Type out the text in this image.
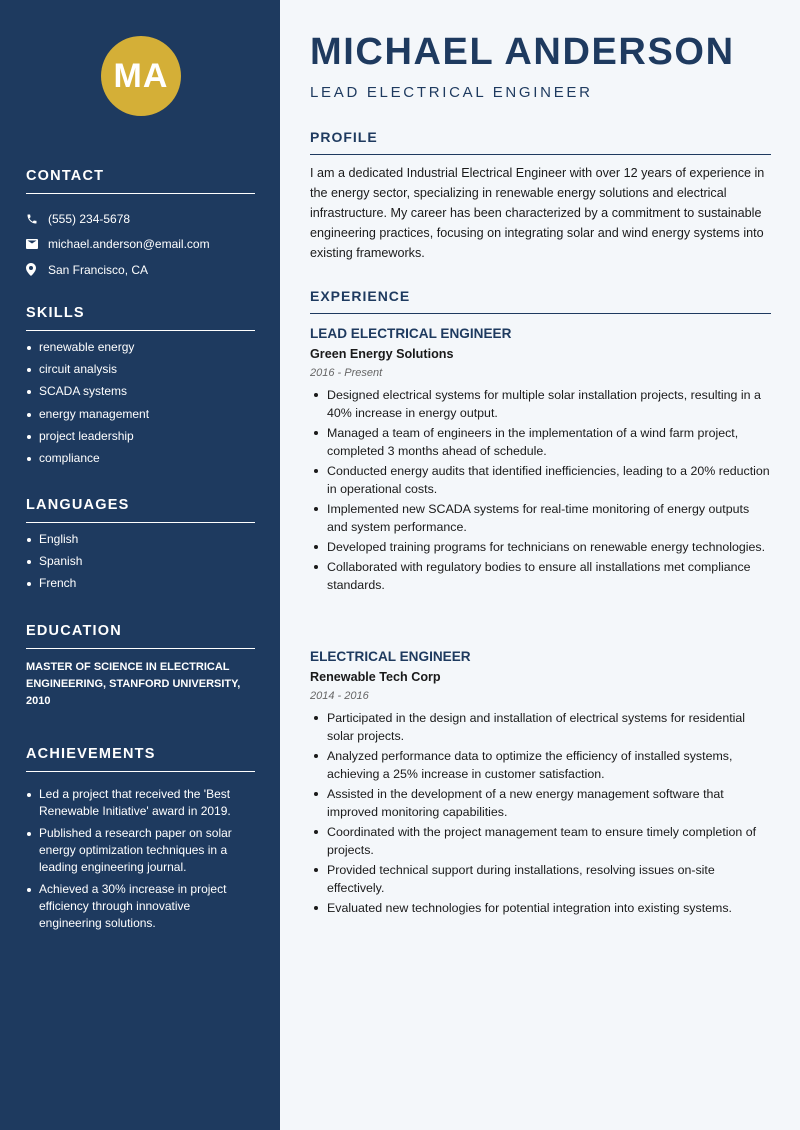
MA
CONTACT
(555) 234-5678
michael.anderson@email.com
San Francisco, CA
SKILLS
renewable energy
circuit analysis
SCADA systems
energy management
project leadership
compliance
LANGUAGES
English
Spanish
French
EDUCATION

MASTER OF SCIENCE IN ELECTRICAL ENGINEERING, STANFORD UNIVERSITY, 2010

ACHIEVEMENTS
Led a project that received the 'Best Renewable Initiative' award in 2019.
Published a research paper on solar energy optimization techniques in a leading engineering journal.
Achieved a 30% increase in project efficiency through innovative engineering solutions.
MICHAEL ANDERSON
LEAD ELECTRICAL ENGINEER
PROFILE

I am a dedicated Industrial Electrical Engineer with over 12 years of experience in the energy sector, specializing in renewable energy solutions and electrical infrastructure. My career has been characterized by a commitment to sustainable engineering practices, focusing on integrating solar and wind energy systems into existing frameworks.

EXPERIENCE
LEAD ELECTRICAL ENGINEER
Green Energy Solutions
2016 - Present
Designed electrical systems for multiple solar installation projects, resulting in a 40% increase in energy output.
Managed a team of engineers in the implementation of a wind farm project, completed 3 months ahead of schedule.
Conducted energy audits that identified inefficiencies, leading to a 20% reduction in operational costs.
Implemented new SCADA systems for real-time monitoring of energy outputs and system performance.
Developed training programs for technicians on renewable energy technologies.
Collaborated with regulatory bodies to ensure all installations met compliance standards.
ELECTRICAL ENGINEER
Renewable Tech Corp
2014 - 2016
Participated in the design and installation of electrical systems for residential solar projects.
Analyzed performance data to optimize the efficiency of installed systems, achieving a 25% increase in customer satisfaction.
Assisted in the development of a new energy management software that improved monitoring capabilities.
Coordinated with the project management team to ensure timely completion of projects.
Provided technical support during installations, resolving issues on-site effectively.
Evaluated new technologies for potential integration into existing systems.
